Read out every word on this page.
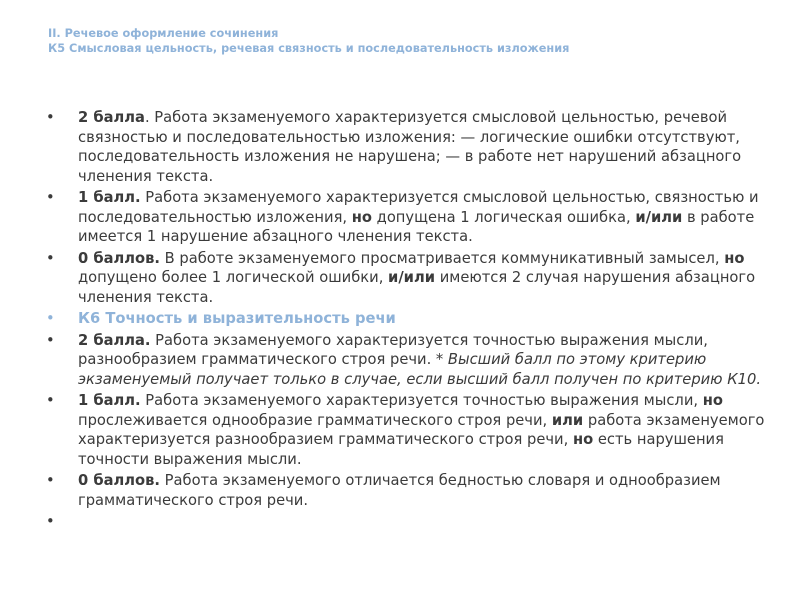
II. Речевое оформление сочинения
К5 Смысловая цельность, речевая связность и последовательность изложения
•	2 балла. Работа экзаменуемого характеризуется смысловой цельностью, речевой связностью и последовательностью изложения: — логические ошибки отсутствуют, последовательность изложения не нарушена; — в работе нет нарушений абзацного членения текста.
•	1 балл. Работа экзаменуемого характеризуется смысловой цельностью, связностью и последовательностью изложения, но допущена 1 логическая ошибка, и/или в работе имеется 1 нарушение абзацного членения текста.
•	0 баллов. В работе экзаменуемого просматривается коммуникативный замысел, но допущено более 1 логической ошибки, и/или имеются 2 случая нарушения абзацного членения текста.
•	К6 Точность и выразительность речи
•	2 балла. Работа экзаменуемого характеризуется точностью выражения мысли, разнообразием грамматического строя речи. * Высший балл по этому критерию экзаменуемый получает только в случае, если высший балл получен по критерию К10.
•	1 балл. Работа экзаменуемого характеризуется точностью выражения мысли, но прослеживается однообразие грамматического строя речи, или работа экзаменуемого характеризуется разнообразием грамматического строя речи, но есть нарушения точности выражения мысли.
•	0 баллов. Работа экзаменуемого отличается бедностью словаря и однообразием грамматического строя речи.
•
